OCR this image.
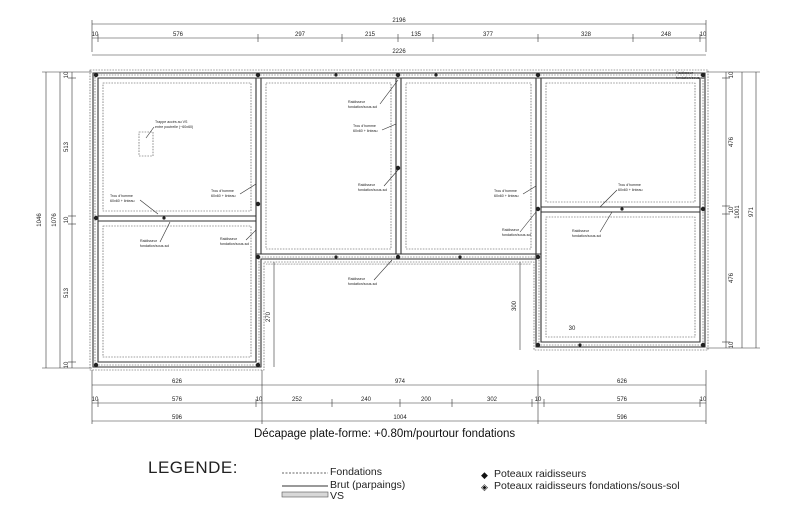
2196
10	576	297	215	135	377	328	248	10
2226
1046 1076
10
513
10
513
10
10
476
10
476
10
1001 971
626	974	626
10	576	10	252	240	200	302	10	576	10
596	1004	596
300
270
30
Trappe accès au VS
entre poutrelle (~60x60)
Trou d'homme
60x60 + linteau
Trou d'homme
60x60 + linteau
Trou d'homme
60x60 + linteau
Trou d'homme
60x60 + linteau
Trou d'homme
60x60 + linteau
Raidisseur
fondation/sous-sol
Raidisseur
fondation/sous-sol
Raidisseur
fondation/sous-sol
Raidisseur
fondation/sous-sol
Raidisseur
fondation/sous-sol
Raidisseur
fondation/sous-sol
Raidisseur
fondation/sous-sol
Raidisseur
fondation/sous-sol
◆
◈
Décapage plate-forme: +0.80m/pourtour fondations
LEGENDE:	Fondations
Brut (parpaings)
VS
Poteaux raidisseurs
Poteaux raidisseurs fondations/sous-sol
